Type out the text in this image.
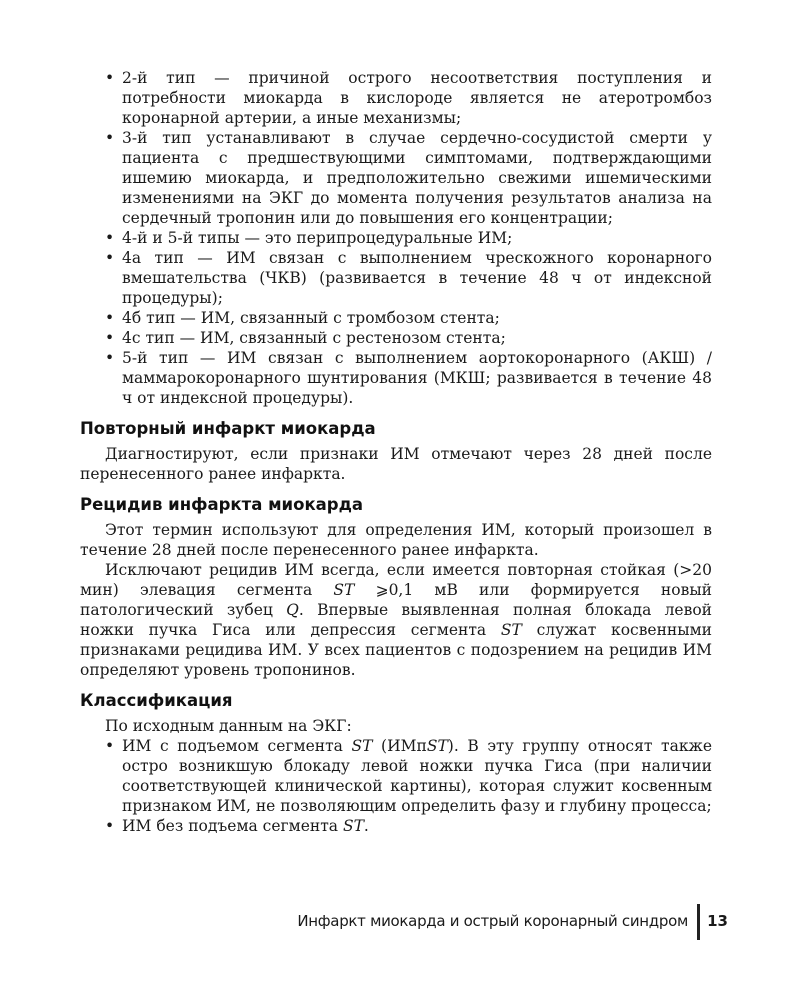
• 2-й тип — причиной острого несоответствия поступления и потребности миокарда в кислороде является не атеротромбоз коронарной артерии, а иные механизмы;
• 3-й тип устанавливают в случае сердечно-сосудистой смерти у пациента с предшествующими симптомами, подтверждающими ишемию миокарда, и предположительно свежими ишемическими изменениями на ЭКГ до момента получения результатов анализа на сердечный тропонин или до повышения его концентрации;
• 4-й и 5-й типы — это перипроцедуральные ИМ;
• 4а тип — ИМ связан с выполнением чрескожного коронарного вмешательства (ЧКВ) (развивается в течение 48 ч от индексной процедуры);
• 4б тип — ИМ, связанный с тромбозом стента;
• 4с тип — ИМ, связанный с рестенозом стента;
• 5-й тип — ИМ связан с выполнением аортокоронарного (АКШ) / маммарокоронарного шунтирования (МКШ; развивается в течение 48 ч от индексной процедуры).
Повторный инфаркт миокарда

Диагностируют, если признаки ИМ отмечают через 28 дней после перенесенного ранее инфаркта.

Рецидив инфаркта миокарда

Этот термин используют для определения ИМ, который произошел в течение 28 дней после перенесенного ранее инфаркта.

Исключают рецидив ИМ всегда, если имеется повторная стойкая (>20 мин) элевация сегмента ST ⩾0,1 мВ или формируется новый патологический зубец Q. Впервые выявленная полная блокада левой ножки пучка Гиса или депрессия сегмента ST служат косвенными признаками рецидива ИМ. У всех пациентов с подозрением на рецидив ИМ определяют уровень тропонинов.

Классификация

По исходным данным на ЭКГ:

• ИМ с подъемом сегмента ST (ИМпST). В эту группу относят также остро возникшую блокаду левой ножки пучка Гиса (при наличии соответствующей клинической картины), которая служит косвенным признаком ИМ, не позволяющим определить фазу и глубину процесса;
• ИМ без подъема сегмента ST.
Инфаркт миокарда и острый коронарный синдром 13
